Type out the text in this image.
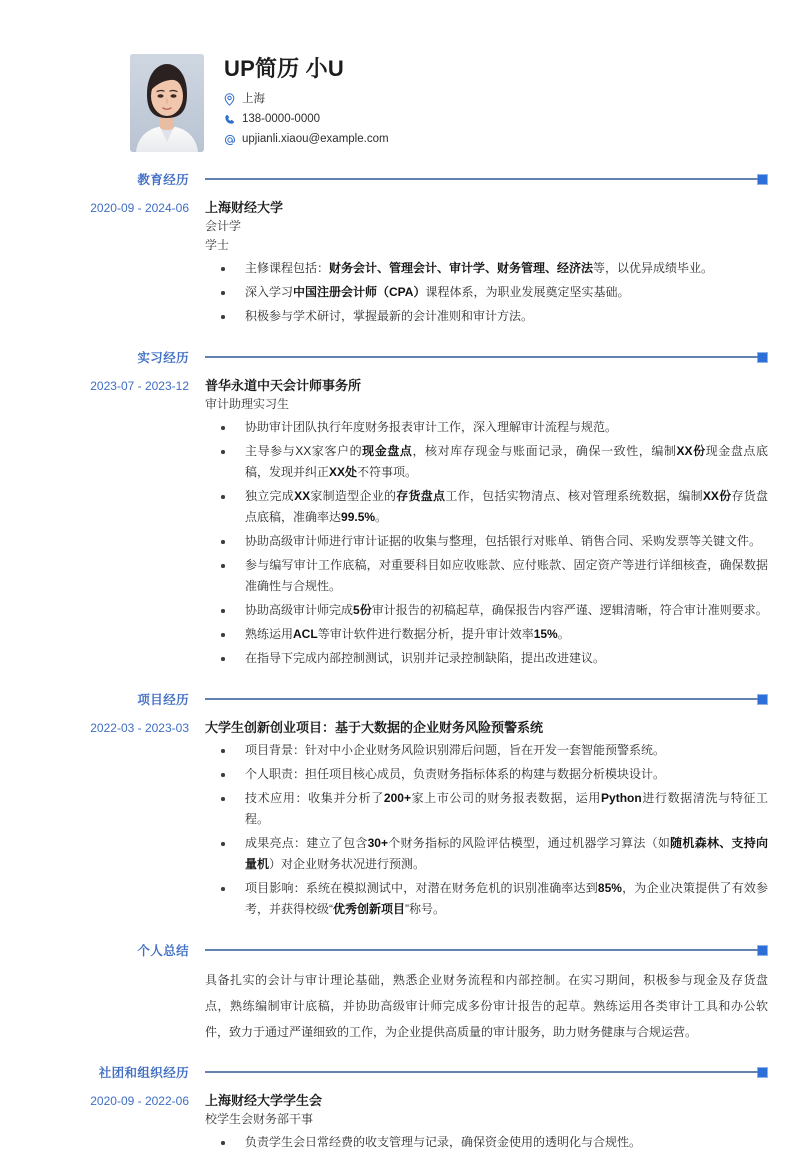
UP简历 小U
上海
138-0000-0000
upjianli.xiaou@example.com
教育经历
2020-09 - 2024-06	上海财经大学
会计学
学士
主修课程包括：财务会计、管理会计、审计学、财务管理、经济法等，以优异成绩毕业。
深入学习中国注册会计师（CPA）课程体系，为职业发展奠定坚实基础。
积极参与学术研讨，掌握最新的会计准则和审计方法。
实习经历
2023-07 - 2023-12	普华永道中天会计师事务所
审计助理实习生
协助审计团队执行年度财务报表审计工作，深入理解审计流程与规范。
主导参与XX家客户的现金盘点，核对库存现金与账面记录，确保一致性，编制XX份现金盘点底稿，发现并纠正XX处不符事项。
独立完成XX家制造型企业的存货盘点工作，包括实物清点、核对管理系统数据，编制XX份存货盘点底稿，准确率达99.5%。
协助高级审计师进行审计证据的收集与整理，包括银行对账单、销售合同、采购发票等关键文件。
参与编写审计工作底稿，对重要科目如应收账款、应付账款、固定资产等进行详细核查，确保数据准确性与合规性。
协助高级审计师完成5份审计报告的初稿起草，确保报告内容严谨、逻辑清晰，符合审计准则要求。
熟练运用ACL等审计软件进行数据分析，提升审计效率15%。
在指导下完成内部控制测试，识别并记录控制缺陷，提出改进建议。
项目经历
2022-03 - 2023-03	大学生创新创业项目：基于大数据的企业财务风险预警系统
项目背景：针对中小企业财务风险识别滞后问题，旨在开发一套智能预警系统。
个人职责：担任项目核心成员，负责财务指标体系的构建与数据分析模块设计。
技术应用：收集并分析了200+家上市公司的财务报表数据，运用Python进行数据清洗与特征工程。
成果亮点：建立了包含30+个财务指标的风险评估模型，通过机器学习算法（如随机森林、支持向量机）对企业财务状况进行预测。
项目影响：系统在模拟测试中，对潜在财务危机的识别准确率达到85%，为企业决策提供了有效参考，并获得校级“优秀创新项目”称号。
个人总结
具备扎实的会计与审计理论基础，熟悉企业财务流程和内部控制。在实习期间，积极参与现金及存货盘点，熟练编制审计底稿，并协助高级审计师完成多份审计报告的起草。熟练运用各类审计工具和办公软件，致力于通过严谨细致的工作，为企业提供高质量的审计服务，助力财务健康与合规运营。
社团和组织经历
2020-09 - 2022-06	上海财经大学学生会
校学生会财务部干事
负责学生会日常经费的收支管理与记录，确保资金使用的透明化与合规性。
